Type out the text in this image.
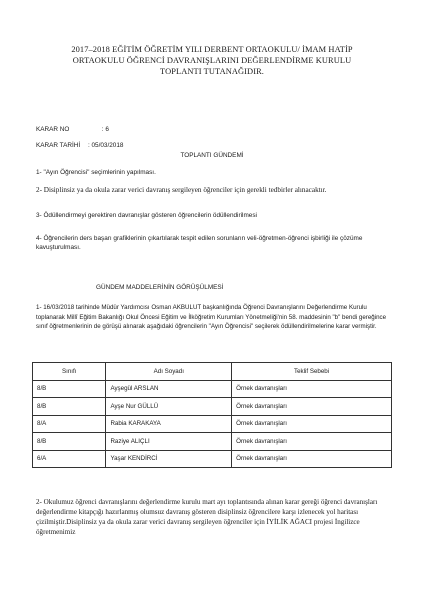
2017–2018 EĞİTİM ÖĞRETİM YILI DERBENT ORTAOKULU/ İMAM HATİP
ORTAOKULU ÖĞRENCİ DAVRANIŞLARINI DEĞERLENDİRME KURULU
TOPLANTI TUTANAĞIDIR.
KARAR NO	: 6
KARAR TARİHİ : 05/03/2018
TOPLANTI GÜNDEMİ
1- "Ayın Öğrencisi" seçimlerinin yapılması.
2- Disiplinsiz ya da okula zarar verici davranış sergileyen öğrenciler için gerekli tedbirler alınacaktır.
3- Ödüllendirmeyi gerektiren davranışlar gösteren öğrencilerin ödüllendirilmesi
4- Öğrencilerin ders başarı grafiklerinin çıkartılarak tespit edilen sorunların veli-öğretmen-öğrenci işbirliği ile çözüme kavuşturulması.
GÜNDEM MADDELERİNİN GÖRÜŞÜLMESİ
1- 16/03/2018 tarihinde Müdür Yardımcısı Osman AKBULUT başkanlığında Öğrenci Davranışlarını Değerlendirme Kurulu toplanarak Millî Eğitim Bakanlığı Okul Öncesi Eğitim ve İlköğretim Kurumları Yönetmeliği'nin 58. maddesinin "b" bendi gereğince sınıf öğretmenlerinin de görüşü alınarak aşağıdaki öğrencilerin "Ayın Öğrencisi" seçilerek ödüllendirilmelerine karar vermiştir.
Sınıfı	Adı Soyadı	Teklif Sebebi
8/B	Ayşegül ARSLAN	Örnek davranışları
8/B	Ayşe Nur GÜLLÜ	Örnek davranışları
8/A	Rabia KARAKAYA	Örnek davranışları
8/B	Raziye ALIÇLI	Örnek davranışları
6/A	Yaşar KENDİRCİ	Örnek davranışları
2- Okulumuz öğrenci davranışlarını değerlendirme kurulu mart ayı toplantısında alınan karar gereği öğrenci davranışları değerlendirme kitapçığı hazırlanmış olumsuz davranış gösteren disiplinsiz öğrencilere karşı izlenecek yol haritası çizilmiştir.Disiplinsiz ya da okula zarar verici davranış sergileyen öğrenciler için İYİLİK AĞACI projesi İngilizce öğretmenimiz
